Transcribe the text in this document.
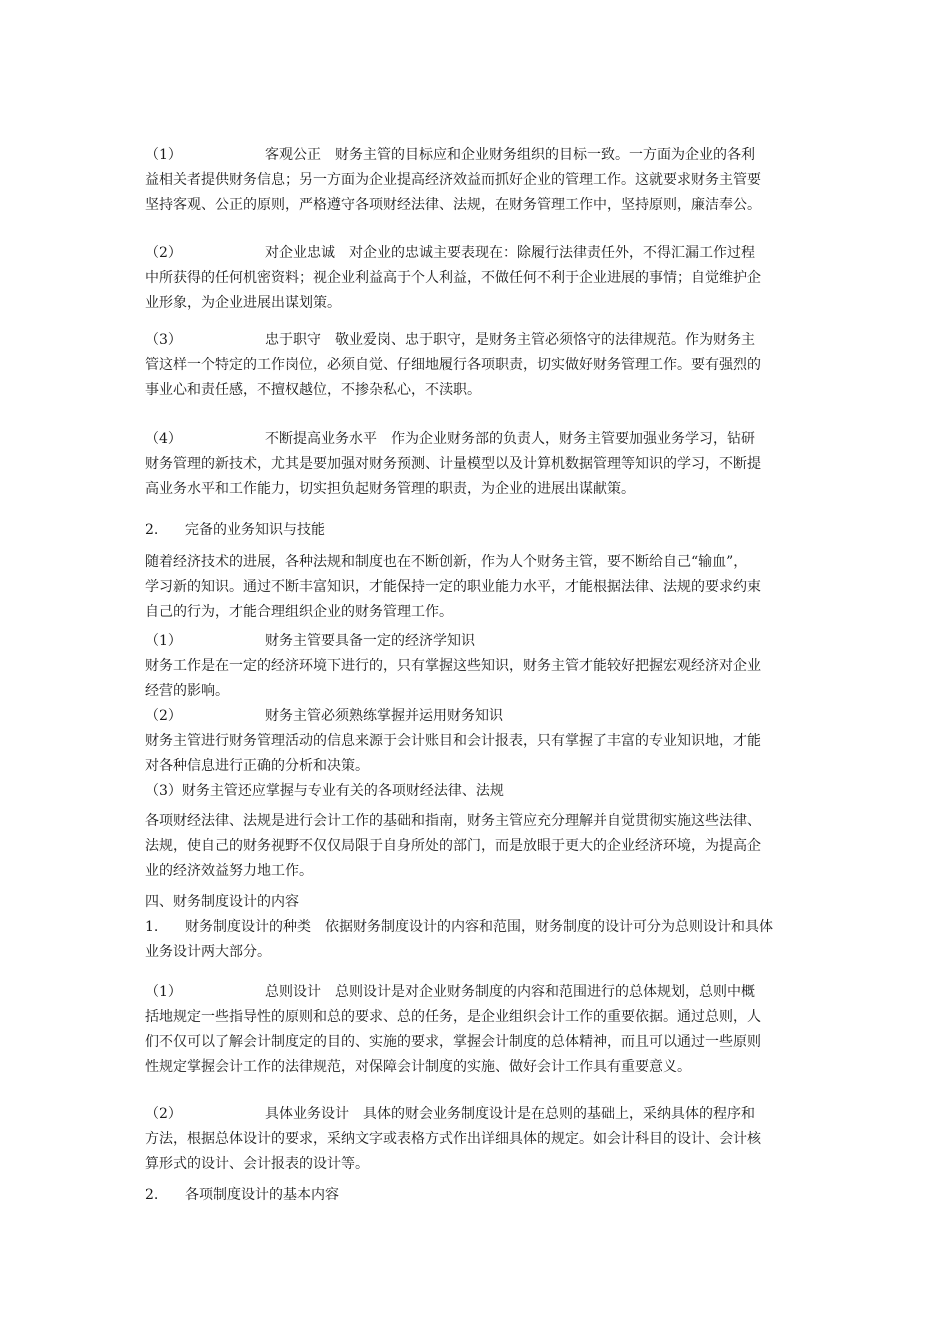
（1）	客观公正 财务主管的目标应和企业财务组织的目标一致。一方面为企业的各利
益相关者提供财务信息；另一方面为企业提高经济效益而抓好企业的管理工作。这就要求财务主管要
坚持客观、公正的原则，严格遵守各项财经法律、法规，在财务管理工作中，坚持原则，廉洁奉公。
（2）	对企业忠诚 对企业的忠诚主要表现在：除履行法律责任外，不得汇漏工作过程
中所获得的任何机密资料；视企业利益高于个人利益，不做任何不利于企业进展的事情；自觉维护企
业形象，为企业进展出谋划策。
（3）	忠于职守 敬业爱岗、忠于职守，是财务主管必须恪守的法律规范。作为财务主
管这样一个特定的工作岗位，必须自觉、仔细地履行各项职责，切实做好财务管理工作。要有强烈的
事业心和责任感，不擅权越位，不掺杂私心，不渎职。
（4）	不断提高业务水平 作为企业财务部的负责人，财务主管要加强业务学习，钻研
财务管理的新技术，尤其是要加强对财务预测、计量模型以及计算机数据管理等知识的学习，不断提
高业务水平和工作能力，切实担负起财务管理的职责，为企业的进展出谋献策。
2. 完备的业务知识与技能
随着经济技术的进展，各种法规和制度也在不断创新，作为人个财务主管，要不断给自己“输血”，
学习新的知识。通过不断丰富知识，才能保持一定的职业能力水平，才能根据法律、法规的要求约束
自己的行为，才能合理组织企业的财务管理工作。
（1）	财务主管要具备一定的经济学知识
财务工作是在一定的经济环境下进行的，只有掌握这些知识，财务主管才能较好把握宏观经济对企业
经营的影响。
（2）	财务主管必须熟练掌握并运用财务知识
财务主管进行财务管理活动的信息来源于会计账目和会计报表，只有掌握了丰富的专业知识地，才能
对各种信息进行正确的分析和决策。
（3）财务主管还应掌握与专业有关的各项财经法律、法规
各项财经法律、法规是进行会计工作的基础和指南，财务主管应充分理解并自觉贯彻实施这些法律、
法规，使自己的财务视野不仅仅局限于自身所处的部门，而是放眼于更大的企业经济环境，为提高企
业的经济效益努力地工作。
四、财务制度设计的内容
1. 财务制度设计的种类 依据财务制度设计的内容和范围，财务制度的设计可分为总则设计和具体
业务设计两大部分。
（1）	总则设计 总则设计是对企业财务制度的内容和范围进行的总体规划，总则中概
括地规定一些指导性的原则和总的要求、总的任务，是企业组织会计工作的重要依据。通过总则，人
们不仅可以了解会计制度定的目的、实施的要求，掌握会计制度的总体精神，而且可以通过一些原则
性规定掌握会计工作的法律规范，对保障会计制度的实施、做好会计工作具有重要意义。
（2）	具体业务设计 具体的财会业务制度设计是在总则的基础上，采纳具体的程序和
方法，根据总体设计的要求，采纳文字或表格方式作出详细具体的规定。如会计科目的设计、会计核
算形式的设计、会计报表的设计等。
2. 各项制度设计的基本内容
